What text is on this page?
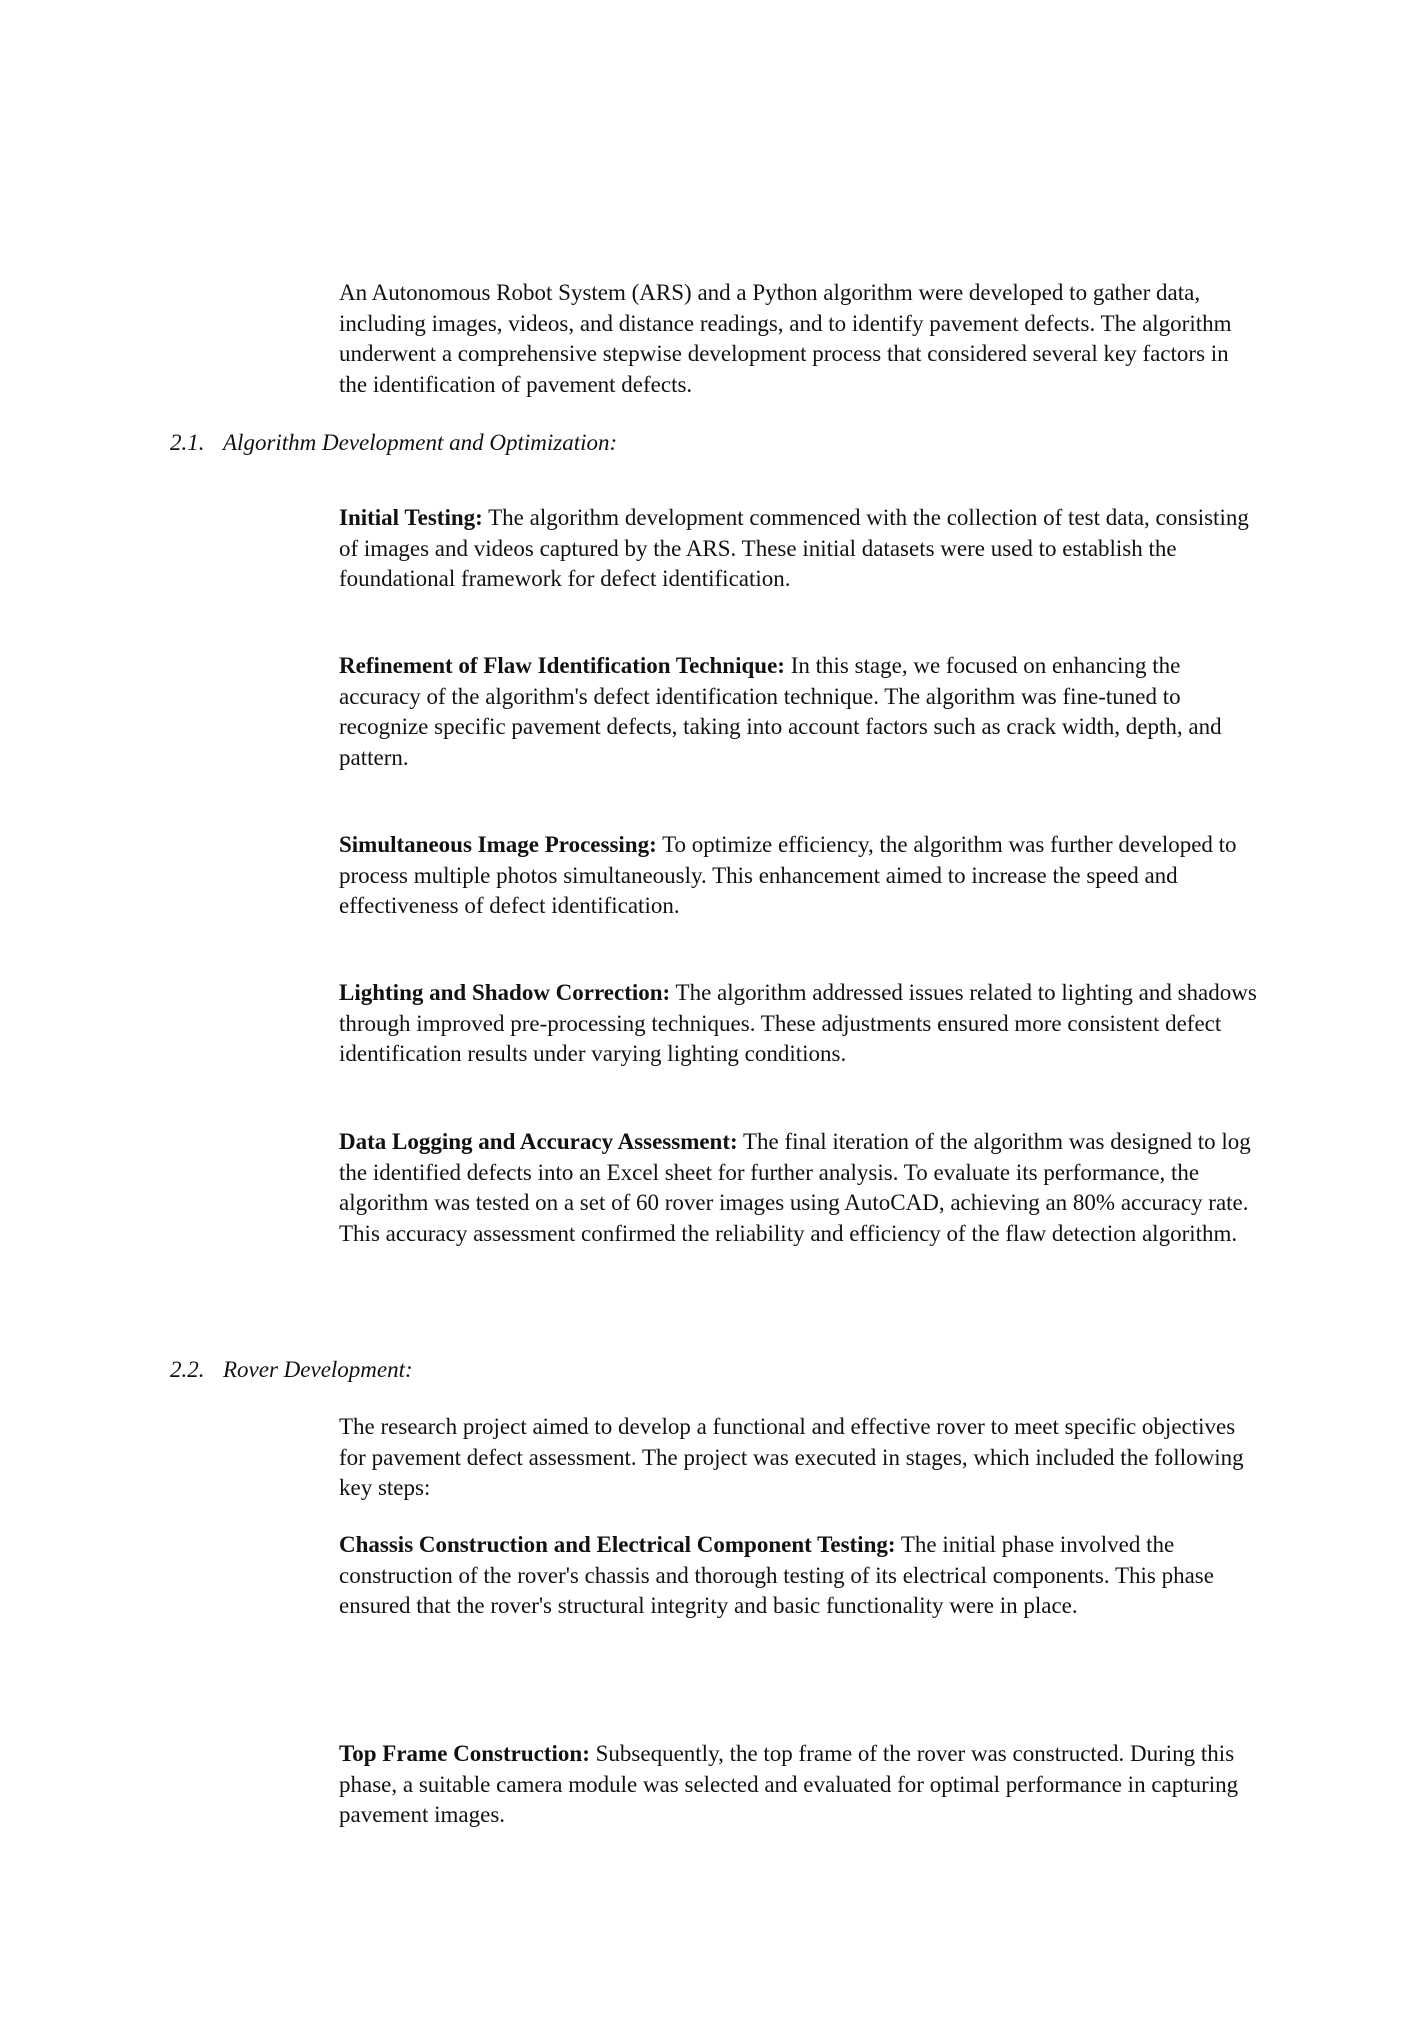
An Autonomous Robot System (ARS) and a Python algorithm were developed to gather data, including images, videos, and distance readings, and to identify pavement defects. The algorithm underwent a comprehensive stepwise development process that considered several key factors in the identification of pavement defects.

2.1. Algorithm Development and Optimization:

Initial Testing: The algorithm development commenced with the collection of test data, consisting of images and videos captured by the ARS. These initial datasets were used to establish the foundational framework for defect identification.

Refinement of Flaw Identification Technique: In this stage, we focused on enhancing the accuracy of the algorithm's defect identification technique. The algorithm was fine-tuned to recognize specific pavement defects, taking into account factors such as crack width, depth, and pattern.

Simultaneous Image Processing: To optimize efficiency, the algorithm was further developed to process multiple photos simultaneously. This enhancement aimed to increase the speed and effectiveness of defect identification.

Lighting and Shadow Correction: The algorithm addressed issues related to lighting and shadows through improved pre-processing techniques. These adjustments ensured more consistent defect identification results under varying lighting conditions.

Data Logging and Accuracy Assessment: The final iteration of the algorithm was designed to log the identified defects into an Excel sheet for further analysis. To evaluate its performance, the algorithm was tested on a set of 60 rover images using AutoCAD, achieving an 80% accuracy rate. This accuracy assessment confirmed the reliability and efficiency of the flaw detection algorithm.

2.2. Rover Development:

The research project aimed to develop a functional and effective rover to meet specific objectives for pavement defect assessment. The project was executed in stages, which included the following key steps:

Chassis Construction and Electrical Component Testing: The initial phase involved the construction of the rover's chassis and thorough testing of its electrical components. This phase ensured that the rover's structural integrity and basic functionality were in place.

Top Frame Construction: Subsequently, the top frame of the rover was constructed. During this phase, a suitable camera module was selected and evaluated for optimal performance in capturing pavement images.
